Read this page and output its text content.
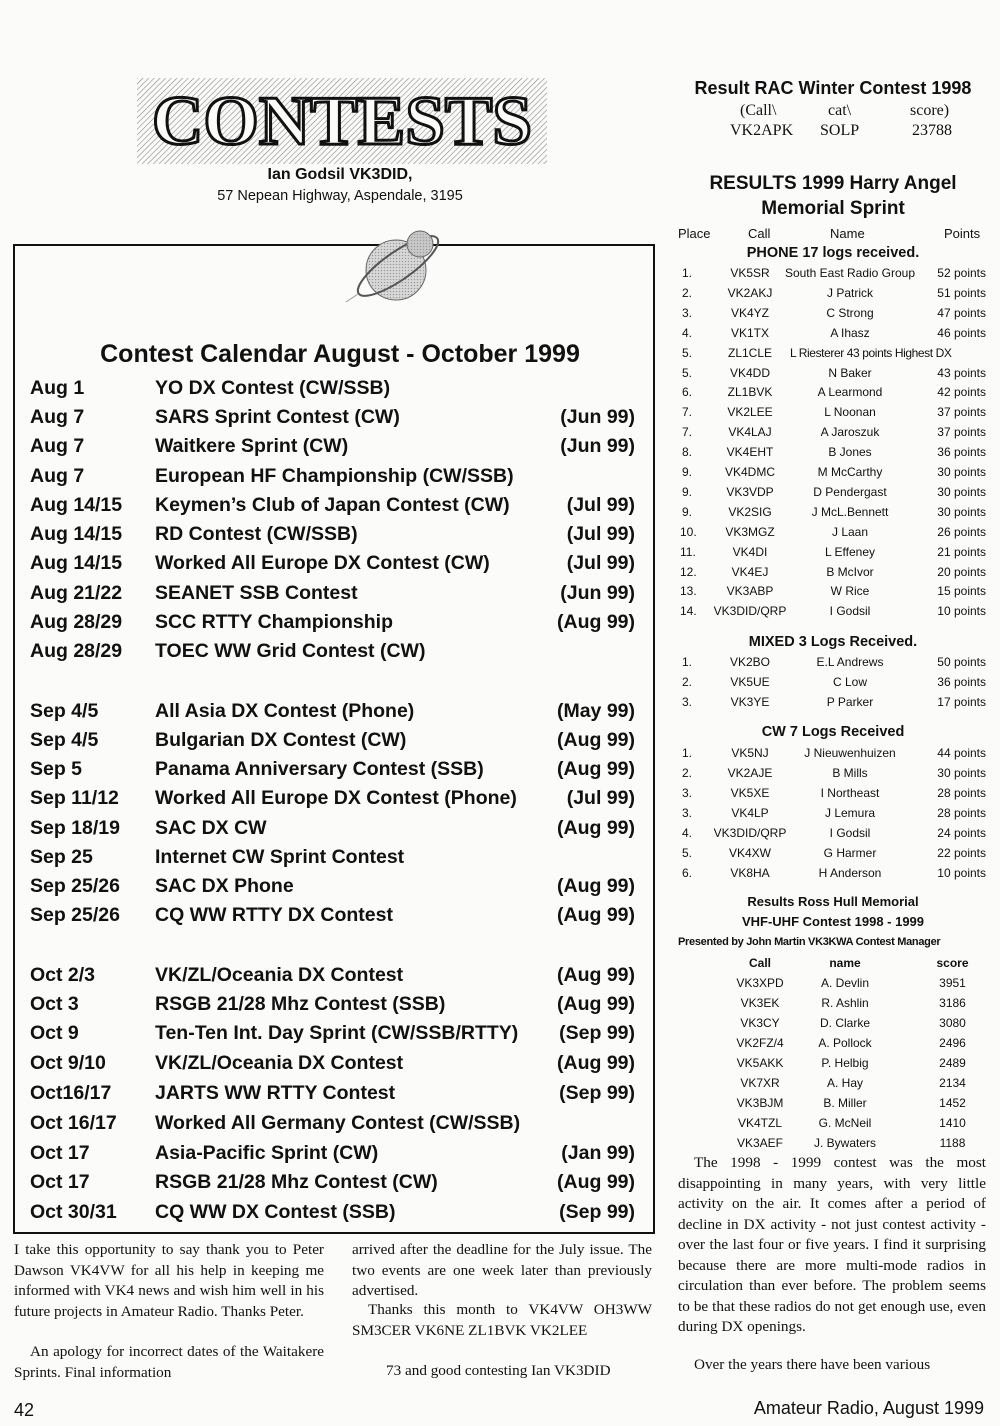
CONTESTS
Ian Godsil VK3DID,
57 Nepean Highway, Aspendale, 3195
Contest Calendar August - October 1999
Aug 1	YO DX Contest (CW/SSB)
Aug 7	SARS Sprint Contest (CW)	(Jun 99)
Aug 7	Waitkere Sprint (CW)	(Jun 99)
Aug 7	European HF Championship (CW/SSB)
Aug 14/15 Keymen’s Club of Japan Contest (CW)	(Jul 99)
Aug 14/15 RD Contest (CW/SSB)	(Jul 99)
Aug 14/15 Worked All Europe DX Contest (CW)	(Jul 99)
Aug 21/22 SEANET SSB Contest	(Jun 99)
Aug 28/29 SCC RTTY Championship	(Aug 99)
Aug 28/29 TOEC WW Grid Contest (CW)
Sep 4/5	All Asia DX Contest (Phone)	(May 99)
Sep 4/5	Bulgarian DX Contest (CW)	(Aug 99)
Sep 5	Panama Anniversary Contest (SSB)	(Aug 99)
Sep 11/12 Worked All Europe DX Contest (Phone)	(Jul 99)
Sep 18/19 SAC DX CW	(Aug 99)
Sep 25	Internet CW Sprint Contest
Sep 25/26 SAC DX Phone	(Aug 99)
Sep 25/26 CQ WW RTTY DX Contest	(Aug 99)
Oct 2/3	VK/ZL/Oceania DX Contest	(Aug 99)
Oct 3	RSGB 21/28 Mhz Contest (SSB)	(Aug 99)
Oct 9	Ten-Ten Int. Day Sprint (CW/SSB/RTTY) (Sep 99)
Oct 9/10	VK/ZL/Oceania DX Contest	(Aug 99)
Oct16/17 JARTS WW RTTY Contest	(Sep 99)
Oct 16/17 Worked All Germany Contest (CW/SSB)
Oct 17	Asia-Pacific Sprint (CW)	(Jan 99)
Oct 17	RSGB 21/28 Mhz Contest (CW)	(Aug 99)
Oct 30/31 CQ WW DX Contest (SSB)	(Sep 99)

I take this opportunity to say thank you to Peter Dawson VK4VW for all his help in keeping me informed with VK4 news and wish him well in his future projects in Amateur Radio. Thanks Peter.

An apology for incorrect dates of the Waitakere Sprints. Final information

arrived after the deadline for the July issue. The two events are one week later than previously advertised.

Thanks this month to VK4VW OH3WW SM3CER VK6NE ZL1BVK VK2LEE

73 and good contesting Ian VK3DID

Result RAC Winter Contest 1998
(Call\	cat\	score)
VK2APK SOLP	23788
RESULTS 1999 Harry Angel
Memorial Sprint
Place	Call	Name	Points
PHONE 17 logs received.
1.	VK5SR	South East Radio Group	52 points
2.	VK2AKJ	J Patrick	51 points
3.	VK4YZ	C Strong	47 points
4.	VK1TX	A Ihasz	46 points
5.	ZL1CLE	L Riesterer 43 points Highest DX
5.	VK4DD	N Baker	43 points
6.	ZL1BVK	A Learmond	42 points
7.	VK2LEE	L Noonan	37 points
7.	VK4LAJ	A Jaroszuk	37 points
8.	VK4EHT	B Jones	36 points
9.	VK4DMC	M McCarthy	30 points
9.	VK3VDP	D Pendergast	30 points
9.	VK2SIG	J McL.Bennett	30 points
10.	VK3MGZ	J Laan	26 points
11.	VK4DI	L Effeney	21 points
12.	VK4EJ	B McIvor	20 points
13.	VK3ABP	W Rice	15 points
14.	VK3DID/QRP	I Godsil	10 points
MIXED 3 Logs Received.
1.	VK2BO	E.L Andrews	50 points
2.	VK5UE	C Low	36 points
3.	VK3YE	P Parker	17 points
CW 7 Logs Received
1.	VK5NJ	J Nieuwenhuizen	44 points
2.	VK2AJE	B Mills	30 points
3.	VK5XE	I Northeast	28 points
3.	VK4LP	J Lemura	28 points
4.	VK3DID/QRP	I Godsil	24 points
5.	VK4XW	G Harmer	22 points
6.	VK8HA	H Anderson	10 points
Results Ross Hull Memorial
VHF-UHF Contest 1998 - 1999
Presented by John Martin VK3KWA Contest Manager
Call	name	score
VK3XPD	A. Devlin	3951
VK3EK	R. Ashlin	3186
VK3CY	D. Clarke	3080
VK2FZ/4	A. Pollock	2496
VK5AKK	P. Helbig	2489
VK7XR	A. Hay	2134
VK3BJM	B. Miller	1452
VK4TZL	G. McNeil	1410
VK3AEF	J. Bywaters	1188

The 1998 - 1999 contest was the most disappointing in many years, with very little activity on the air. It comes after a period of decline in DX activity - not just contest activity - over the last four or five years. I find it surprising because there are more multi-mode radios in circulation than ever before. The problem seems to be that these radios do not get enough use, even during DX openings.

Over the years there have been various

42	Amateur Radio, August 1999
